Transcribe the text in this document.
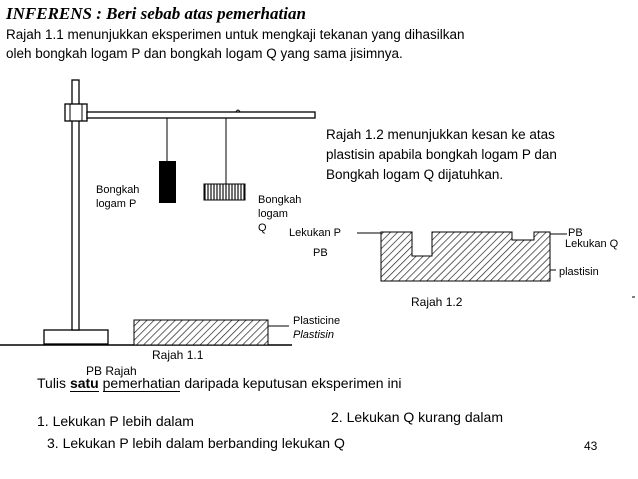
INFERENS : Beri sebab atas pemerhatian
Rajah 1.1 menunjukkan eksperimen untuk mengkaji tekanan yang dihasilkan
oleh bongkah logam P dan bongkah logam Q yang sama jisimnya.
Bongkah
logam P	Bongkah
logam
Q
Plasticine
Plastisin
Rajah 1.1
PB Rajah
Rajah 1.2 menunjukkan kesan ke atas
plastisin apabila bongkah logam P dan
Bongkah logam Q dijatuhkan.
Lekukan P
PB
PB
Lekukan Q
plastisin
Rajah 1.2
Tulis satu pemerhatian daripada keputusan eksperimen ini
1. Lekukan P lebih dalam	2. Lekukan Q kurang dalam
3. Lekukan P lebih dalam berbanding lekukan Q	43
